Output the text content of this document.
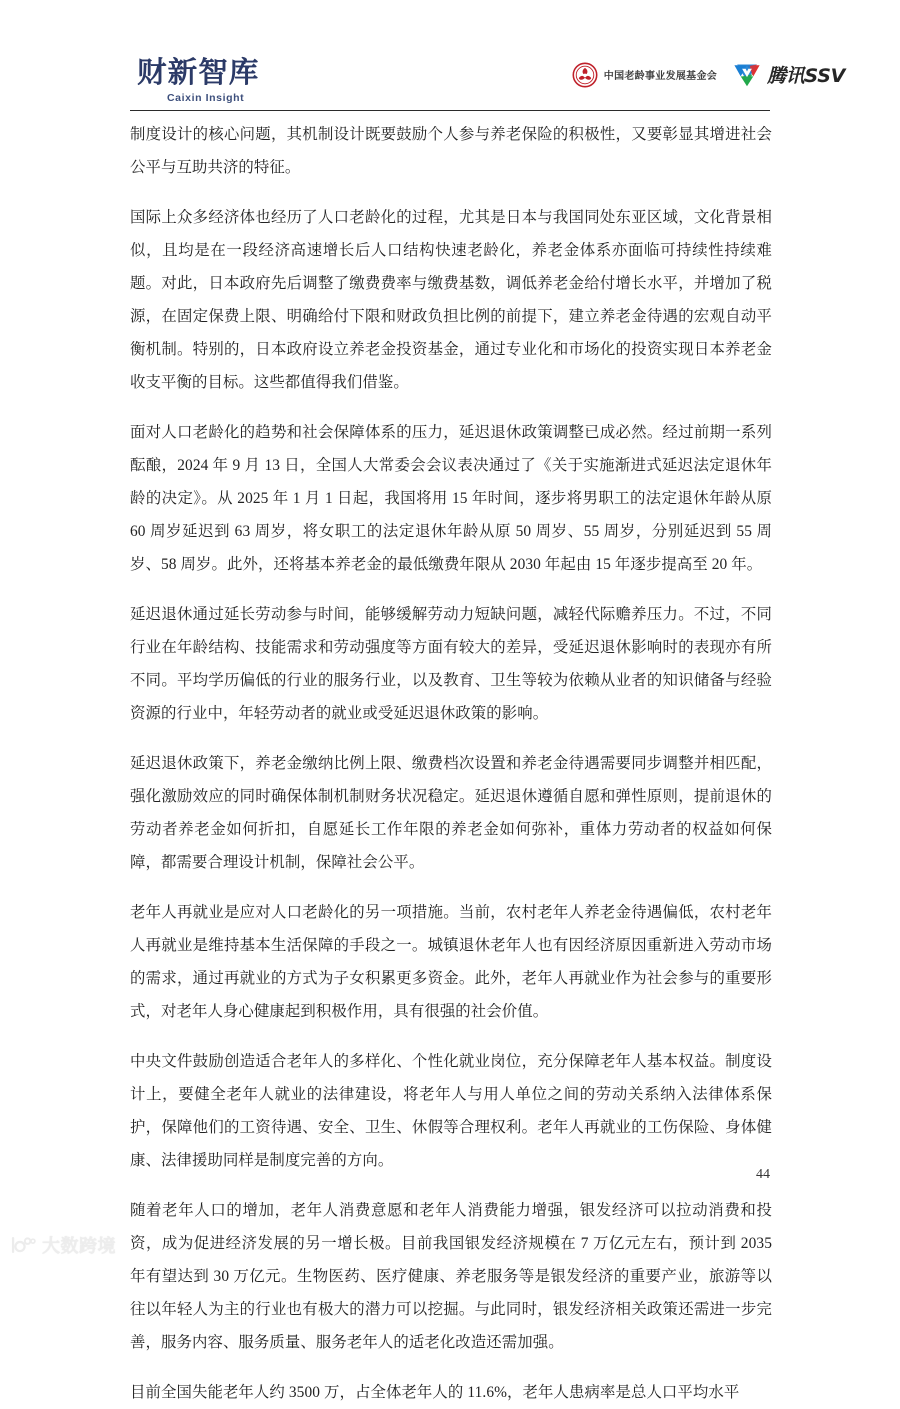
财新智库
Caixin Insight
中国老龄事业发展基金会	腾讯SSV

制度设计的核心问题，其机制设计既要鼓励个人参与养老保险的积极性，又要彰显其增进社会公平与互助共济的特征。

国际上众多经济体也经历了人口老龄化的过程，尤其是日本与我国同处东亚区域，文化背景相似，且均是在一段经济高速增长后人口结构快速老龄化，养老金体系亦面临可持续性持续难题。对此，日本政府先后调整了缴费费率与缴费基数，调低养老金给付增长水平，并增加了税源，在固定保费上限、明确给付下限和财政负担比例的前提下，建立养老金待遇的宏观自动平衡机制。特别的，日本政府设立养老金投资基金，通过专业化和市场化的投资实现日本养老金收支平衡的目标。这些都值得我们借鉴。

面对人口老龄化的趋势和社会保障体系的压力，延迟退休政策调整已成必然。经过前期一系列酝酿，2024 年 9 月 13 日，全国人大常委会会议表决通过了《关于实施渐进式延迟法定退休年龄的决定》。从 2025 年 1 月 1 日起，我国将用 15 年时间，逐步将男职工的法定退休年龄从原 60 周岁延迟到 63 周岁，将女职工的法定退休年龄从原 50 周岁、55 周岁，分别延迟到 55 周岁、58 周岁。此外，还将基本养老金的最低缴费年限从 2030 年起由 15 年逐步提高至 20 年。

延迟退休通过延长劳动参与时间，能够缓解劳动力短缺问题，减轻代际赡养压力。不过，不同行业在年龄结构、技能需求和劳动强度等方面有较大的差异，受延迟退休影响时的表现亦有所不同。平均学历偏低的行业的服务行业，以及教育、卫生等较为依赖从业者的知识储备与经验资源的行业中，年轻劳动者的就业或受延迟退休政策的影响。

延迟退休政策下，养老金缴纳比例上限、缴费档次设置和养老金待遇需要同步调整并相匹配，强化激励效应的同时确保体制机制财务状况稳定。延迟退休遵循自愿和弹性原则，提前退休的劳动者养老金如何折扣，自愿延长工作年限的养老金如何弥补，重体力劳动者的权益如何保障，都需要合理设计机制，保障社会公平。

老年人再就业是应对人口老龄化的另一项措施。当前，农村老年人养老金待遇偏低，农村老年人再就业是维持基本生活保障的手段之一。城镇退休老年人也有因经济原因重新进入劳动市场的需求，通过再就业的方式为子女积累更多资金。此外，老年人再就业作为社会参与的重要形式，对老年人身心健康起到积极作用，具有很强的社会价值。

中央文件鼓励创造适合老年人的多样化、个性化就业岗位，充分保障老年人基本权益。制度设计上，要健全老年人就业的法律建设，将老年人与用人单位之间的劳动关系纳入法律体系保护，保障他们的工资待遇、安全、卫生、休假等合理权利。老年人再就业的工伤保险、身体健康、法律援助同样是制度完善的方向。

随着老年人口的增加，老年人消费意愿和老年人消费能力增强，银发经济可以拉动消费和投资，成为促进经济发展的另一增长极。目前我国银发经济规模在 7 万亿元左右，预计到 2035 年有望达到 30 万亿元。生物医药、医疗健康、养老服务等是银发经济的重要产业，旅游等以往以年轻人为主的行业也有极大的潜力可以挖掘。与此同时，银发经济相关政策还需进一步完善，服务内容、服务质量、服务老年人的适老化改造还需加强。

目前全国失能老年人约 3500 万，占全体老年人的 11.6%，老年人患病率是总人口平均水平

44
大数跨境
